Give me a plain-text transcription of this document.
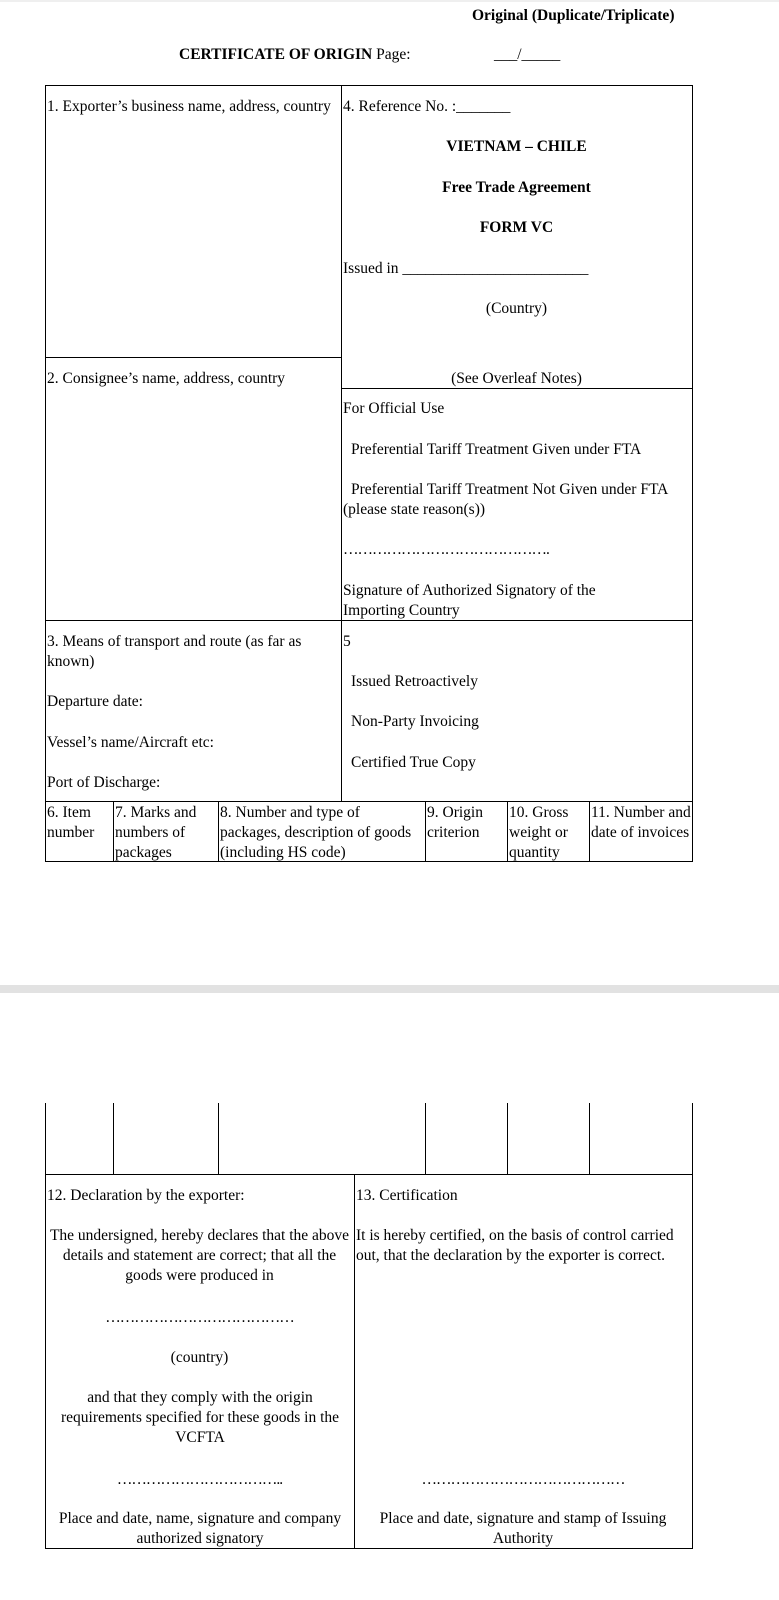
Original (Duplicate/Triplicate)
CERTIFICATE OF ORIGIN Page:	___/_____
1. Exporter’s business name, address, country 4. Reference No. :_______
VIETNAM – CHILE
Free Trade Agreement
FORM VC
Issued in ________________________
(Country)
(See Overleaf Notes)
2. Consignee’s name, address, country
For Official Use
Preferential Tariff Treatment Given under FTA
Preferential Tariff Treatment Not Given under FTA (please state reason(s))
…………………………………….
Signature of Authorized Signatory of the Importing Country
3. Means of transport and route (as far as known)
Departure date:
Vessel’s name/Aircraft etc:
Port of Discharge:
5
Issued Retroactively
Non-Party Invoicing
Certified True Copy
6. Item number
7. Marks and numbers of packages
8. Number and type of packages, description of goods (including HS code)
9. Origin criterion
10. Gross weight or quantity
11. Number and date of invoices
12. Declaration by the exporter:
The undersigned, hereby declares that the above details and statement are correct; that all the goods were produced in
…………………………………
(country)
and that they comply with the origin requirements specified for these goods in the VCFTA
……………………………..
Place and date, name, signature and company authorized signatory
13. Certification
It is hereby certified, on the basis of control carried out, that the declaration by the exporter is correct.
……………………………………
Place and date, signature and stamp of Issuing Authority
